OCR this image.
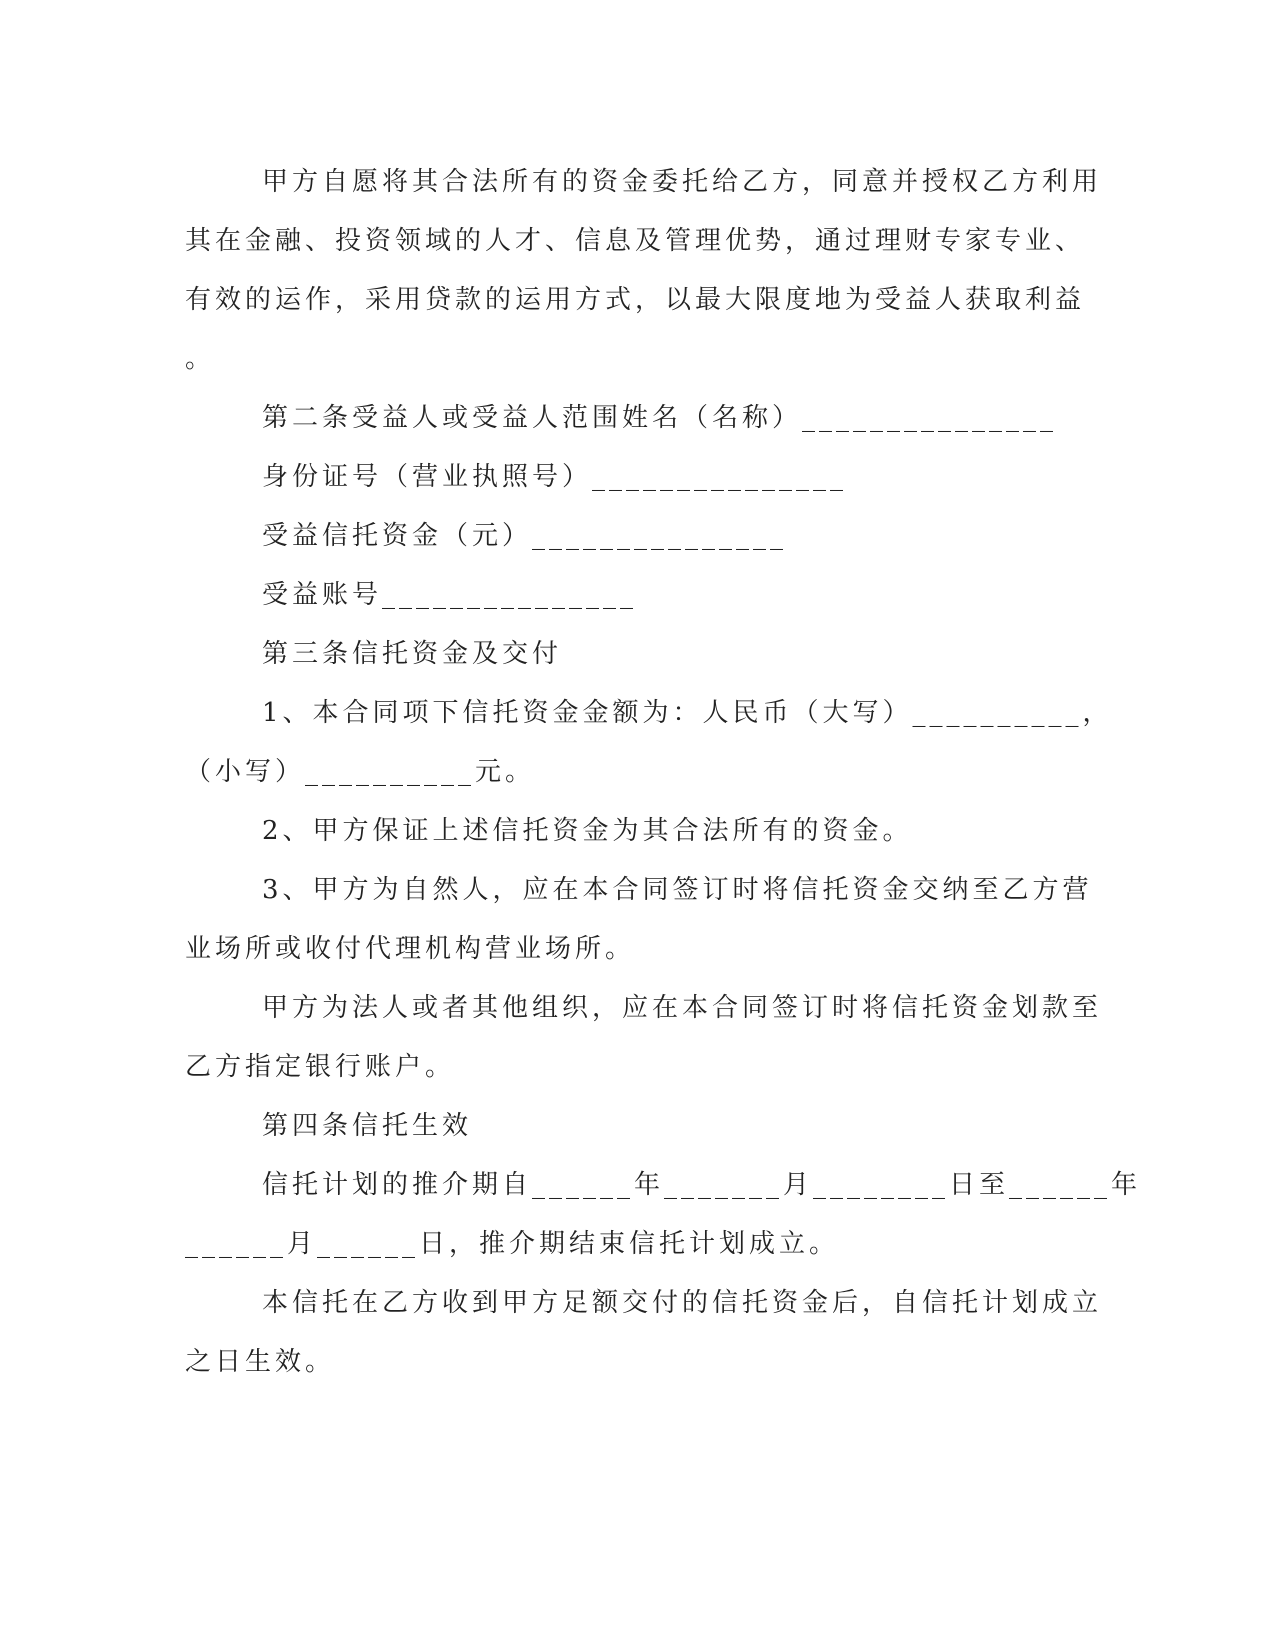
甲方自愿将其合法所有的资金委托给乙方，同意并授权乙方利用
其在金融、投资领域的人才、信息及管理优势，通过理财专家专业、
有效的运作，采用贷款的运用方式，以最大限度地为受益人获取利益
。
第二条受益人或受益人范围姓名（名称）_______________
身份证号（营业执照号）_______________
受益信托资金（元）_______________
受益账号_______________
第三条信托资金及交付
1、本合同项下信托资金金额为：人民币（大写）__________，
（小写）__________元。
2、甲方保证上述信托资金为其合法所有的资金。
3、甲方为自然人，应在本合同签订时将信托资金交纳至乙方营
业场所或收付代理机构营业场所。
甲方为法人或者其他组织，应在本合同签订时将信托资金划款至
乙方指定银行账户。
第四条信托生效
信托计划的推介期自______年_______月________日至______年
______月______日，推介期结束信托计划成立。
本信托在乙方收到甲方足额交付的信托资金后，自信托计划成立
之日生效。
